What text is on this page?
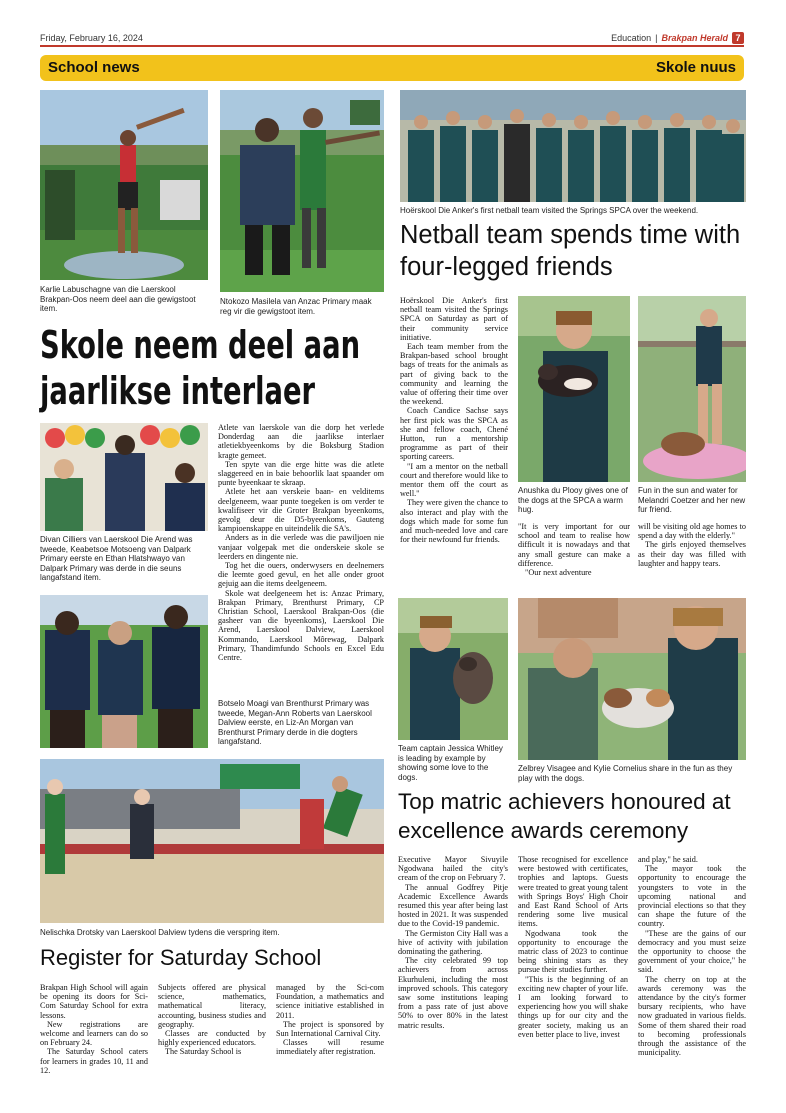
Friday, February 16, 2024	Education | Brakpan Herald 7
School news	Skole nuus
Karlie Labuschagne van die Laerskool Brakpan-Oos neem deel aan die gewigstoot item.
Ntokozo Masilela van Anzac Primary maak reg vir die gewigstoot item.
Hoërskool Die Anker's first netball team visited the Springs SPCA over the weekend.
Netball team spends time with four-legged friends
Skole neem deel aan
jaarlikse interlaer
Divan Cilliers van Laerskool Die Arend was tweede, Keabetsoe Motsoeng van Dalpark Primary eerste en Ethan Hlatshwayo van Dalpark Primary was derde in die seuns langafstand item.

Atlete van laerskole van die dorp het verlede Donderdag aan die jaarlikse interlaer atletiekbyeenkoms by die Boksburg Stadion kragte gemeet.

Ten spyte van die erge hitte was die atlete slaggereed en in baie behoorlik laat spaander om punte byeenkaar te skraap.

Atlete het aan verskeie baan- en velditems deelgeneem, waar punte toegeken is om verder te kwalifiseer vir die Groter Brakpan byeenkoms, gevolg deur die D5-byeenkoms, Gauteng kampioenskappe en uiteindelik die SA's.

Anders as in die verlede was die pawiljoen nie vanjaar volgepak met die onderskeie skole se leerders en dingente nie.

Tog het die ouers, onderwysers en deelnemers die leemte goed gevul, en het alle onder groot gejuig aan die items deelgeneem.

Skole wat deelgeneem het is: Anzac Primary, Brakpan Primary, Brenthurst Primary, CP Christian School, Laerskool Brakpan-Oos (die gasheer van die byeenkoms), Laerskool Die Arend, Laerskool Dalview, Laerskool Kommando, Laerskool Môrewag, Dalpark Primary, Thandimfundo Schools en Excel Edu Centre.

Botselo Moagi van Brenthurst Primary was tweede, Megan-Ann Roberts van Laerskool Dalview eerste, en Liz-An Morgan van Brenthurst Primary derde in die dogters langafstand.

Hoërskool Die Anker's first netball team visited the Springs SPCA on Saturday as part of their community service initiative.

Each team member from the Brakpan-based school brought bags of treats for the animals as part of giving back to the community and learning the value of offering their time over the weekend.

Coach Candice Sachse says her first pick was the SPCA as she and fellow coach, Chené Hutton, run a mentorship programme as part of their sporting careers.

"I am a mentor on the netball court and therefore would like to mentor them off the court as well."

They were given the chance to also interact and play with the dogs which made for some fun and much-needed love and care for their newfound fur friends.

Anushka du Plooy gives one of the dogs at the SPCA a warm hug.
Fun in the sun and water for Melandri Coetzer and her new fur friend.

"It is very important for our school and team to realise how difficult it is nowadays and that any small gesture can make a difference.

"Our next adventure

will be visiting old age homes to spend a day with the elderly."

The girls enjoyed themselves as their day was filled with laughter and happy tears.

Team captain Jessica Whitley is leading by example by showing some love to the dogs.
Zelbrey Visagee and Kylie Cornelius share in the fun as they play with the dogs.
Nelischka Drotsky van Laerskool Dalview tydens die verspring item.
Top matric achievers honoured at excellence awards ceremony
Register for Saturday School

Brakpan High School will again be opening its doors for Sci-Com Saturday School for extra lessons.

New registrations are welcome and learners can do so on February 24.

The Saturday School caters for learners in grades 10, 11 and 12.

Subjects offered are physical science, mathematics, mathematical literacy, accounting, business studies and geography.

Classes are conducted by highly experienced educators.

The Saturday School is

managed by the Sci-com Foundation, a mathematics and science initiative established in 2011.

The project is sponsored by Sun International Carnival City.

Classes will resume immediately after registration.

Executive Mayor Sivuyile Ngodwana hailed the city's cream of the crop on February 7.

The annual Godfrey Pitje Academic Excellence Awards resumed this year after being last hosted in 2021. It was suspended due to the Covid-19 pandemic.

The Germiston City Hall was a hive of activity with jubilation dominating the gathering.

The city celebrated 99 top achievers from across Ekurhuleni, including the most improved schools. This category saw some institutions leaping from a pass rate of just above 50% to over 80% in the latest matric results.

Those recognised for excellence were bestowed with certificates, trophies and laptops. Guests were treated to great young talent with Springs Boys' High Choir and East Rand School of Arts rendering some live musical items.

Ngodwana took the opportunity to encourage the matric class of 2023 to continue being shining stars as they pursue their studies further.

"This is the beginning of an exciting new chapter of your life. I am looking forward to experiencing how you will shake things up for our city and the greater society, making us an even better place to live, invest

and play," he said.

The mayor took the opportunity to encourage the youngsters to vote in the upcoming national and provincial elections so that they can shape the future of the country.

"These are the gains of our democracy and you must seize the opportunity to choose the government of your choice," he said.

The cherry on top at the awards ceremony was the attendance by the city's former bursary recipients, who have now graduated in various fields. Some of them shared their road to becoming professionals through the assistance of the municipality.
